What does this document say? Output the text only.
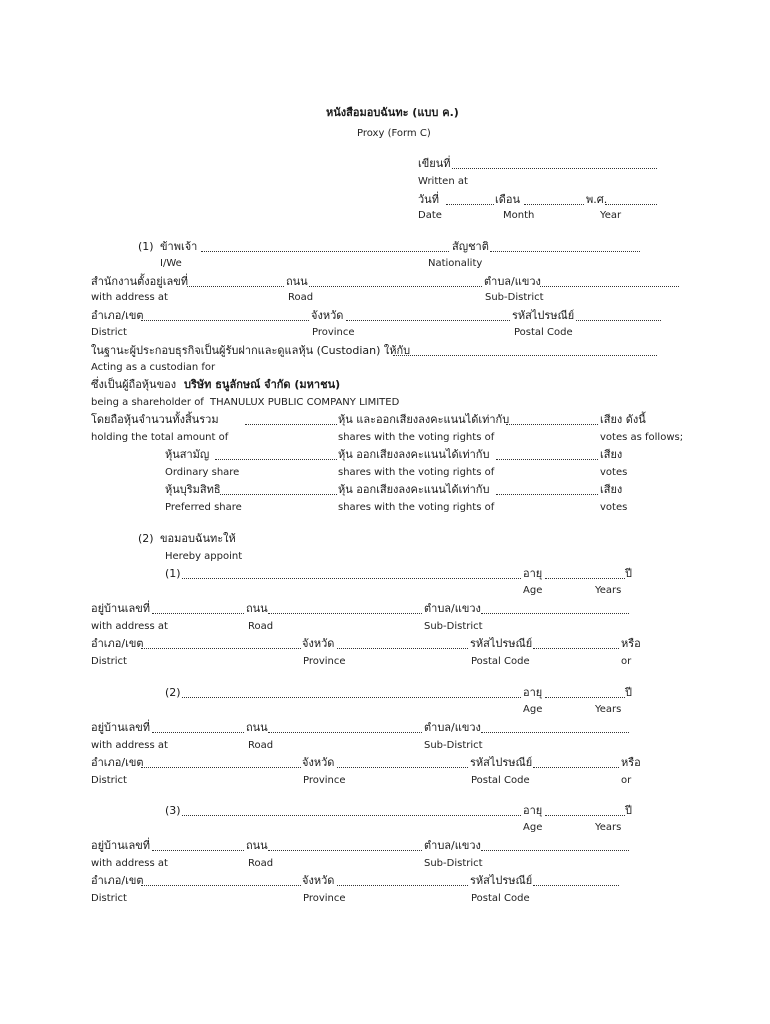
หนังสือมอบฉันทะ (แบบ ค.)
Proxy (Form C)
เขียนที่
Written at
วันที่	เดือน	พ.ศ.
Date	Month	Year
(1) ข้าพเจ้า	สัญชาติ
I/We	Nationality
สำนักงานตั้งอยู่เลขที่	ถนน	ตำบล/แขวง
with address at	Road	Sub-District
อำเภอ/เขต	จังหวัด	รหัสไปรษณีย์
District	Province	Postal Code
ในฐานะผู้ประกอบธุรกิจเป็นผู้รับฝากและดูแลหุ้น (Custodian) ให้กับ
Acting as a custodian for
ซึ่งเป็นผู้ถือหุ้นของ บริษัท ธนูลักษณ์ จำกัด (มหาชน)
being a shareholder of THANULUX PUBLIC COMPANY LIMITED
โดยถือหุ้นจำนวนทั้งสิ้นรวม	หุ้น และออกเสียงลงคะแนนได้เท่ากับ	เสียง ดังนี้
holding the total amount of	shares with the voting rights of	votes as follows;
หุ้นสามัญ	หุ้น ออกเสียงลงคะแนนได้เท่ากับ	เสียง
Ordinary share	shares with the voting rights of	votes
หุ้นบุริมสิทธิ	หุ้น ออกเสียงลงคะแนนได้เท่ากับ	เสียง
Preferred share	shares with the voting rights of	votes
(2) ขอมอบฉันทะให้
Hereby appoint
(1)	อายุ	ปี
Age	Years
อยู่บ้านเลขที่	ถนน	ตำบล/แขวง
with address at	Road	Sub-District
อำเภอ/เขต	จังหวัด	รหัสไปรษณีย์	หรือ
District	Province	Postal Code	or
(2)	อายุ	ปี
Age	Years
อยู่บ้านเลขที่	ถนน	ตำบล/แขวง
with address at	Road	Sub-District
อำเภอ/เขต	จังหวัด	รหัสไปรษณีย์	หรือ
District	Province	Postal Code	or
(3)	อายุ	ปี
Age	Years
อยู่บ้านเลขที่	ถนน	ตำบล/แขวง
with address at	Road	Sub-District
อำเภอ/เขต	จังหวัด	รหัสไปรษณีย์
District	Province	Postal Code
